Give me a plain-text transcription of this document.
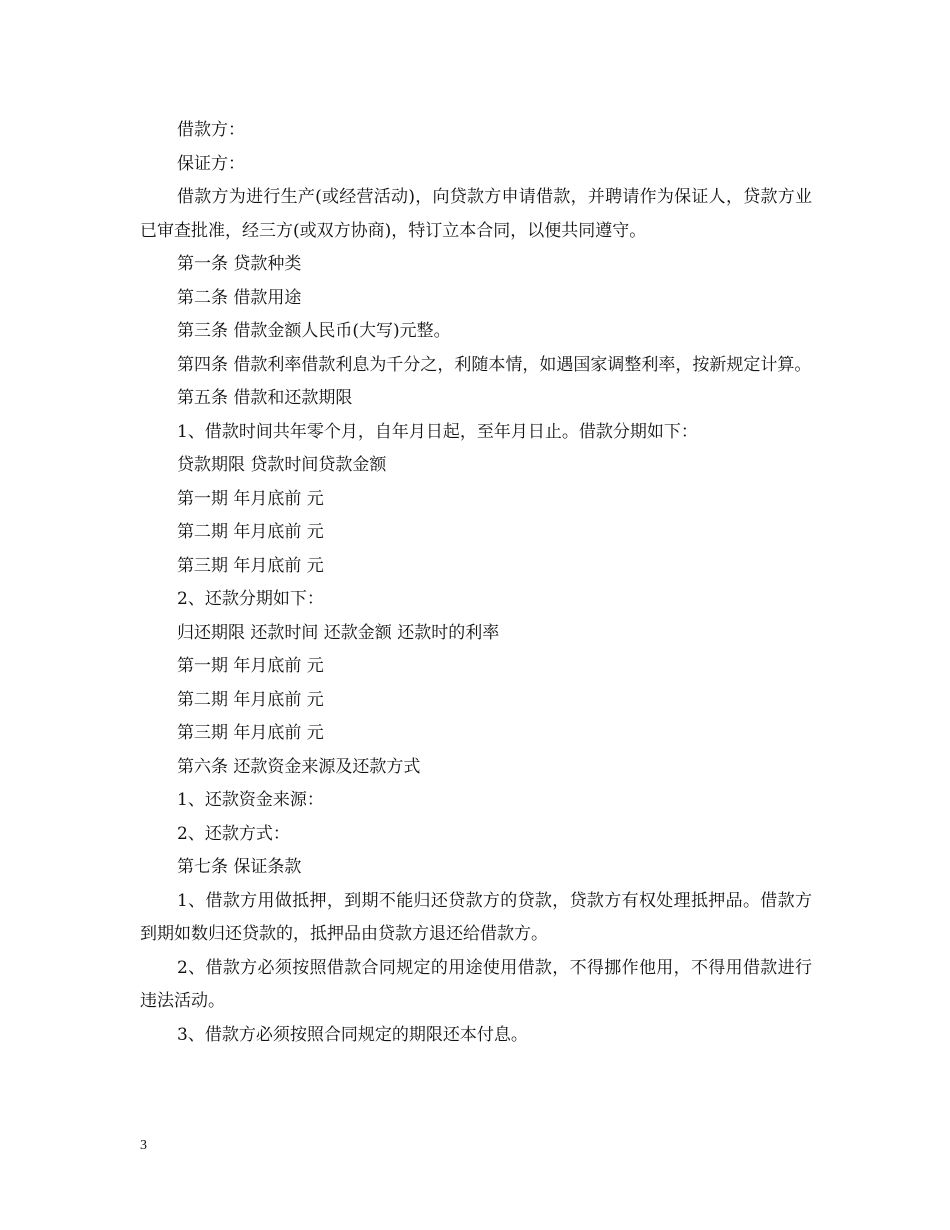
借款方：

保证方：

借款方为进行生产(或经营活动)，向贷款方申请借款，并聘请作为保证人，贷款方业已审查批准，经三方(或双方协商)，特订立本合同，以便共同遵守。

第一条 贷款种类

第二条 借款用途

第三条 借款金额人民币(大写)元整。

第四条 借款利率借款利息为千分之，利随本情，如遇国家调整利率，按新规定计算。

第五条 借款和还款期限

1、借款时间共年零个月，自年月日起，至年月日止。借款分期如下：

贷款期限 贷款时间贷款金额

第一期 年月底前 元

第二期 年月底前 元

第三期 年月底前 元

2、还款分期如下：

归还期限 还款时间 还款金额 还款时的利率

第一期 年月底前 元

第二期 年月底前 元

第三期 年月底前 元

第六条 还款资金来源及还款方式

1、还款资金来源：

2、还款方式：

第七条 保证条款

1、借款方用做抵押，到期不能归还贷款方的贷款，贷款方有权处理抵押品。借款方到期如数归还贷款的，抵押品由贷款方退还给借款方。

2、借款方必须按照借款合同规定的用途使用借款，不得挪作他用，不得用借款进行违法活动。

3、借款方必须按照合同规定的期限还本付息。

3
